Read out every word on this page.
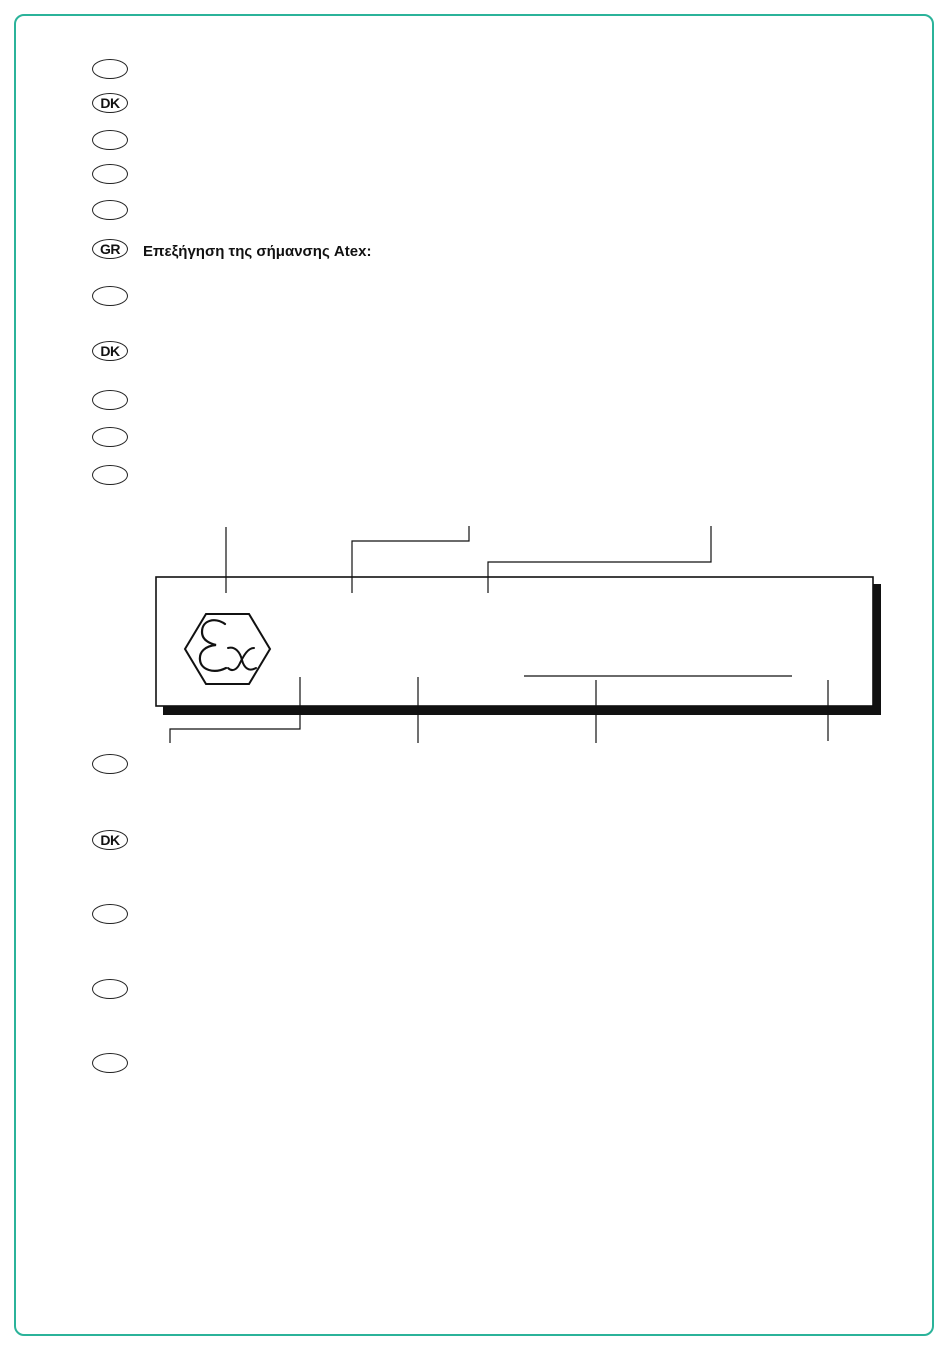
DK
GR	Επεξήγηση της σήμανσης Atex:
DK
DK
